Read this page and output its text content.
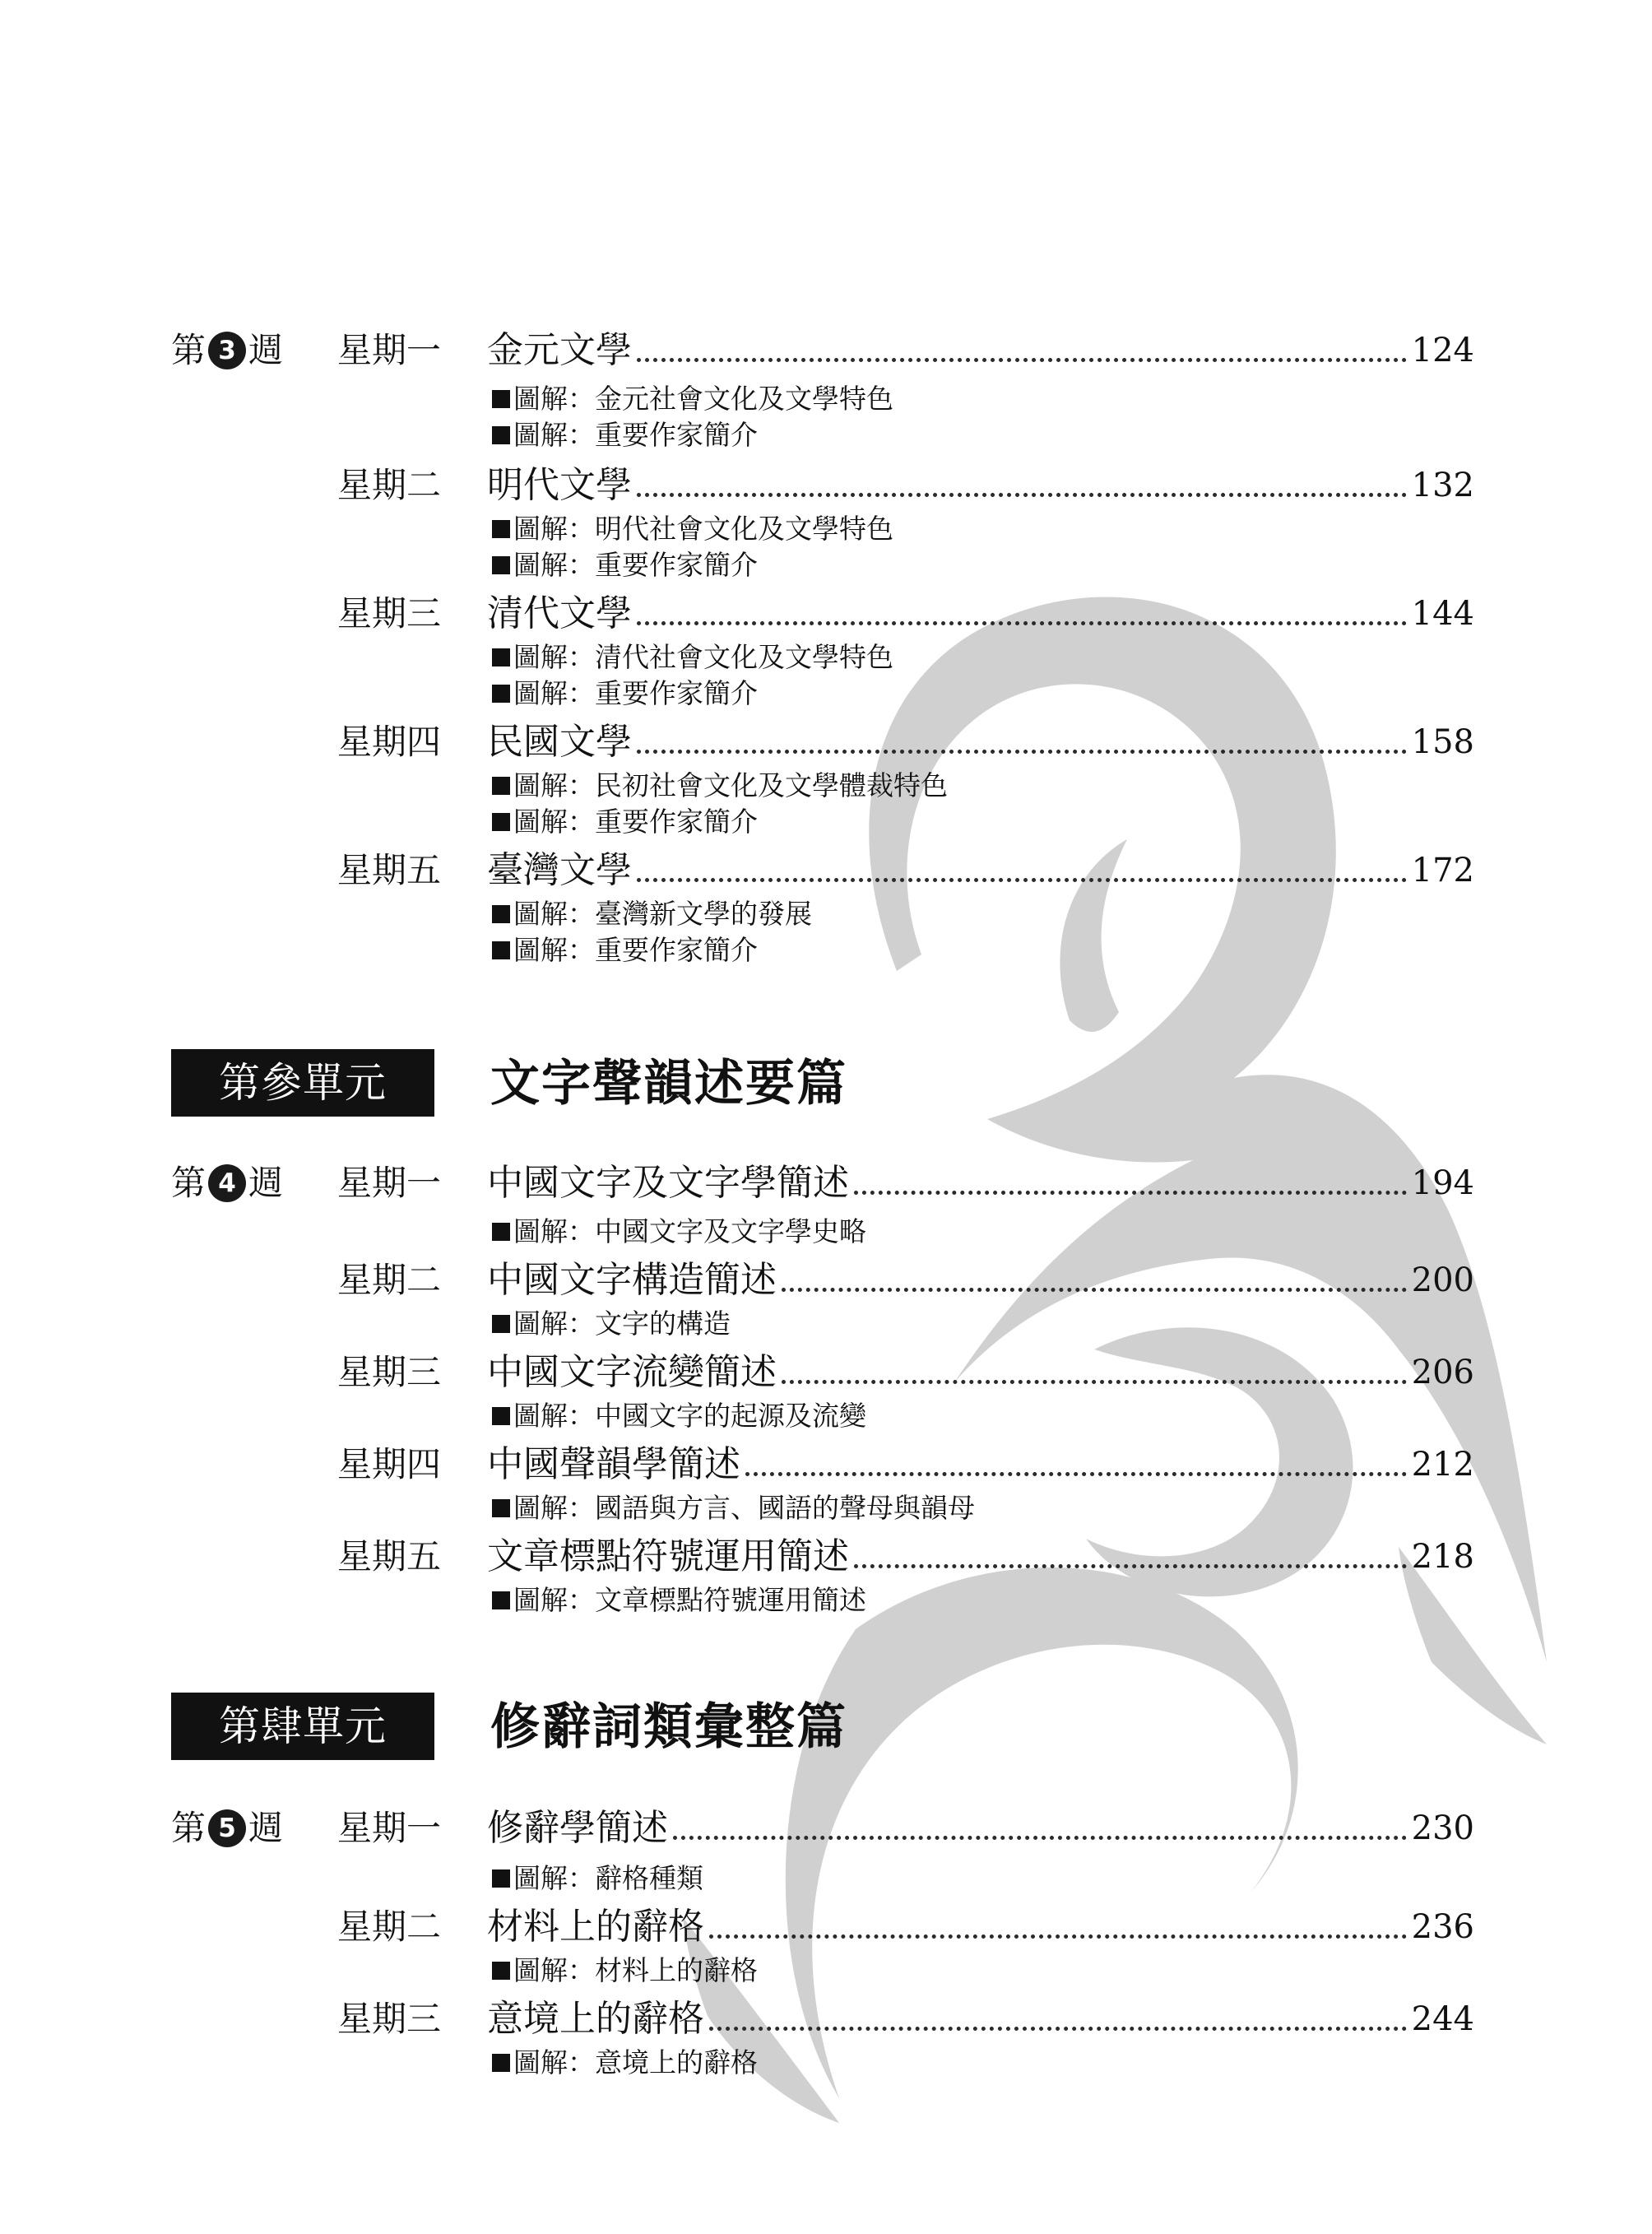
第 3 週 星期一 金元文學	124
圖解： 金元社會文化及文學特色
圖解： 重要作家簡介
星期二 明代文學	132
圖解： 明代社會文化及文學特色
圖解： 重要作家簡介
星期三 清代文學	144
圖解： 清代社會文化及文學特色
圖解： 重要作家簡介
星期四 民國文學	158
圖解： 民初社會文化及文學體裁特色
圖解： 重要作家簡介
星期五 臺灣文學	172
圖解： 臺灣新文學的發展
圖解： 重要作家簡介
第參單元	文字聲韻述要篇
第 4 週 星期一 中國文字及文字學簡述	194
圖解： 中國文字及文字學史略
星期二 中國文字構造簡述	200
圖解： 文字的構造
星期三 中國文字流變簡述	206
圖解： 中國文字的起源及流變
星期四 中國聲韻學簡述	212
圖解： 國語與方言、國語的聲母與韻母
星期五 文章標點符號運用簡述	218
圖解： 文章標點符號運用簡述
第肆單元	修辭詞類彙整篇
第 5 週 星期一 修辭學簡述	230
圖解： 辭格種類
星期二 材料上的辭格	236
圖解： 材料上的辭格
星期三 意境上的辭格	244
圖解： 意境上的辭格
